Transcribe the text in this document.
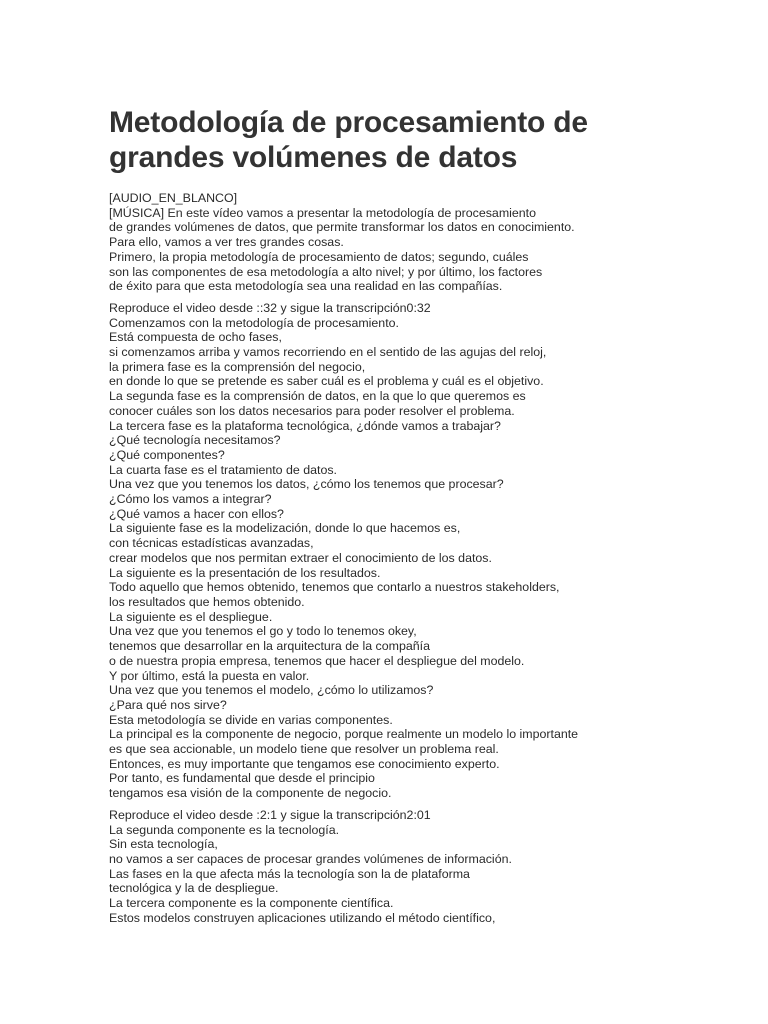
Metodología de procesamiento de
grandes volúmenes de datos
[AUDIO_EN_BLANCO]
[MÚSICA] En este vídeo vamos a presentar la metodología de procesamiento
de grandes volúmenes de datos, que permite transformar los datos en conocimiento.
Para ello, vamos a ver tres grandes cosas.
Primero, la propia metodología de procesamiento de datos; segundo, cuáles
son las componentes de esa metodología a alto nivel; y por último, los factores
de éxito para que esta metodología sea una realidad en las compañías.
Reproduce el video desde ::32 y sigue la transcripción0:32
Comenzamos con la metodología de procesamiento.
Está compuesta de ocho fases,
si comenzamos arriba y vamos recorriendo en el sentido de las agujas del reloj,
la primera fase es la comprensión del negocio,
en donde lo que se pretende es saber cuál es el problema y cuál es el objetivo.
La segunda fase es la comprensión de datos, en la que lo que queremos es
conocer cuáles son los datos necesarios para poder resolver el problema.
La tercera fase es la plataforma tecnológica, ¿dónde vamos a trabajar?
¿Qué tecnología necesitamos?
¿Qué componentes?
La cuarta fase es el tratamiento de datos.
Una vez que you tenemos los datos, ¿cómo los tenemos que procesar?
¿Cómo los vamos a integrar?
¿Qué vamos a hacer con ellos?
La siguiente fase es la modelización, donde lo que hacemos es,
con técnicas estadísticas avanzadas,
crear modelos que nos permitan extraer el conocimiento de los datos.
La siguiente es la presentación de los resultados.
Todo aquello que hemos obtenido, tenemos que contarlo a nuestros stakeholders,
los resultados que hemos obtenido.
La siguiente es el despliegue.
Una vez que you tenemos el go y todo lo tenemos okey,
tenemos que desarrollar en la arquitectura de la compañía
o de nuestra propia empresa, tenemos que hacer el despliegue del modelo.
Y por último, está la puesta en valor.
Una vez que you tenemos el modelo, ¿cómo lo utilizamos?
¿Para qué nos sirve?
Esta metodología se divide en varias componentes.
La principal es la componente de negocio, porque realmente un modelo lo importante
es que sea accionable, un modelo tiene que resolver un problema real.
Entonces, es muy importante que tengamos ese conocimiento experto.
Por tanto, es fundamental que desde el principio
tengamos esa visión de la componente de negocio.
Reproduce el video desde :2:1 y sigue la transcripción2:01
La segunda componente es la tecnología.
Sin esta tecnología,
no vamos a ser capaces de procesar grandes volúmenes de información.
Las fases en la que afecta más la tecnología son la de plataforma
tecnológica y la de despliegue.
La tercera componente es la componente científica.
Estos modelos construyen aplicaciones utilizando el método científico,
